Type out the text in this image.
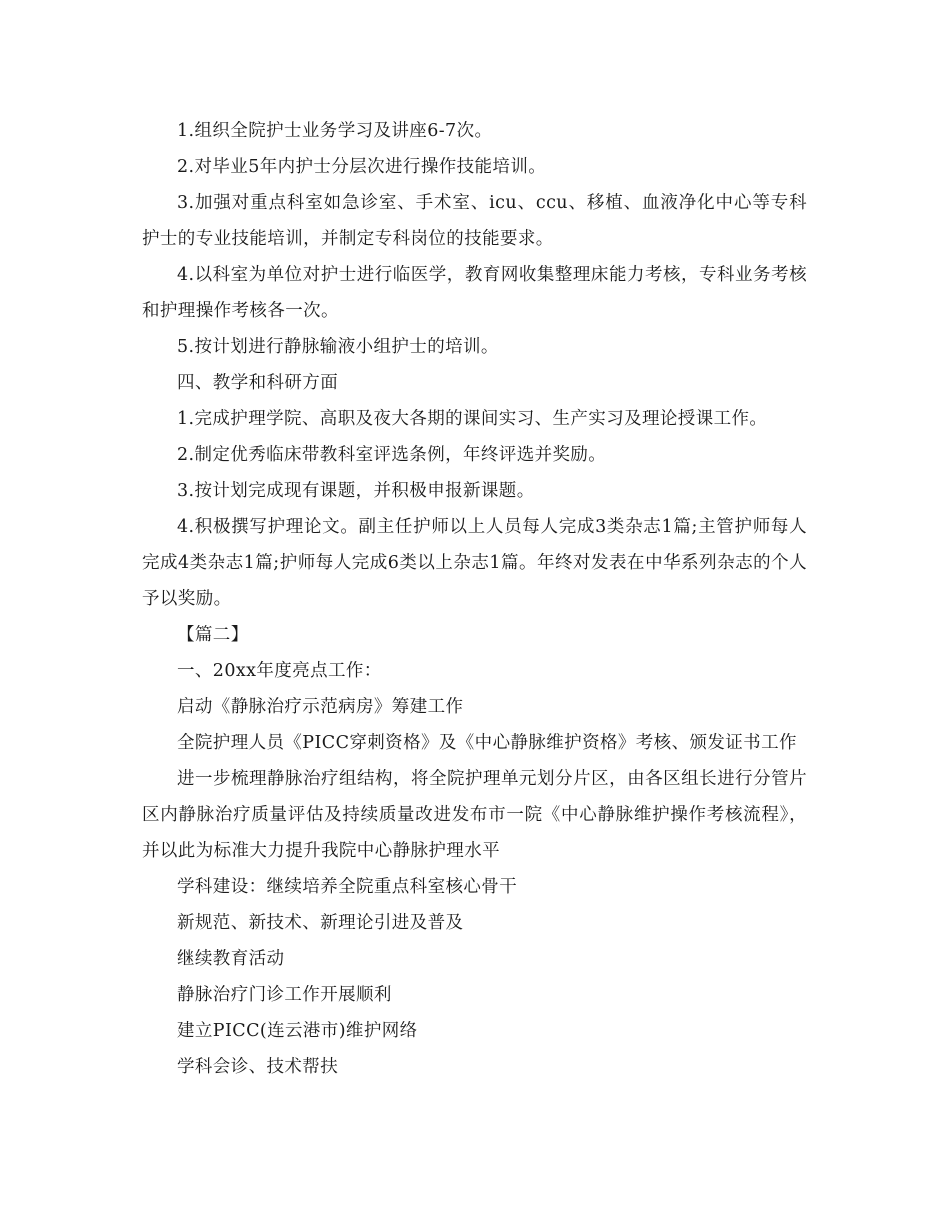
1.组织全院护士业务学习及讲座6-7次。

2.对毕业5年内护士分层次进行操作技能培训。

3.加强对重点科室如急诊室、手术室、icu、ccu、移植、血液净化中心等专科护士的专业技能培训，并制定专科岗位的技能要求。

4.以科室为单位对护士进行临医学，教育网收集整理床能力考核，专科业务考核和护理操作考核各一次。

5.按计划进行静脉输液小组护士的培训。

四、教学和科研方面

1.完成护理学院、高职及夜大各期的课间实习、生产实习及理论授课工作。

2.制定优秀临床带教科室评选条例，年终评选并奖励。

3.按计划完成现有课题，并积极申报新课题。

4.积极撰写护理论文。副主任护师以上人员每人完成3类杂志1篇;主管护师每人完成4类杂志1篇;护师每人完成6类以上杂志1篇。年终对发表在中华系列杂志的个人予以奖励。

【篇二】

一、20xx年度亮点工作：

启动《静脉治疗示范病房》筹建工作

全院护理人员《PICC穿刺资格》及《中心静脉维护资格》考核、颁发证书工作

进一步梳理静脉治疗组结构，将全院护理单元划分片区，由各区组长进行分管片区内静脉治疗质量评估及持续质量改进发布市一院《中心静脉维护操作考核流程》，并以此为标准大力提升我院中心静脉护理水平

学科建设：继续培养全院重点科室核心骨干

新规范、新技术、新理论引进及普及

继续教育活动

静脉治疗门诊工作开展顺利

建立PICC(连云港市)维护网络

学科会诊、技术帮扶
